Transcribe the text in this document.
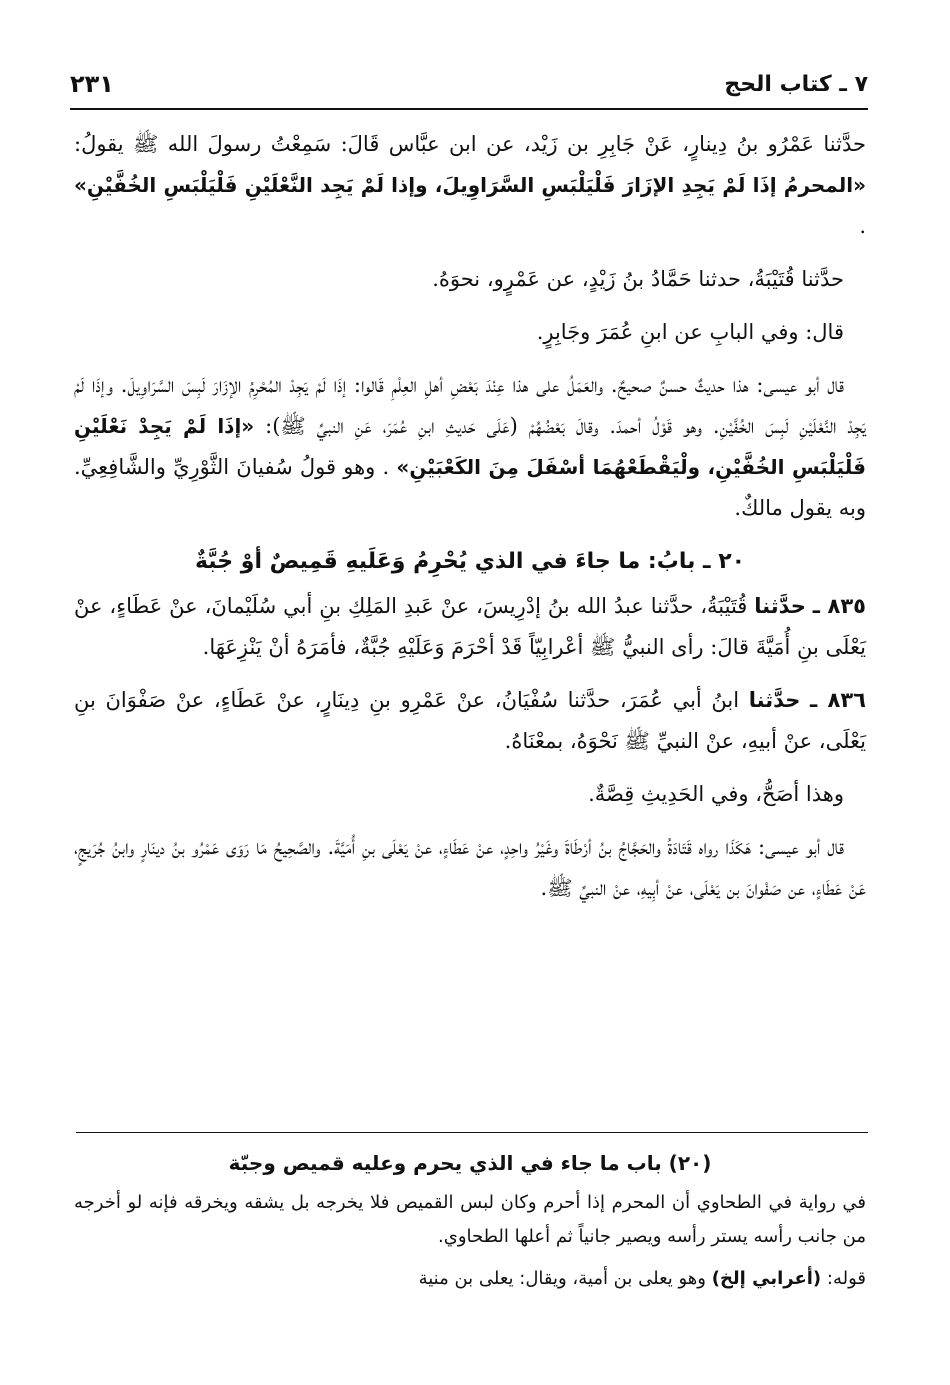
٧ ـ كتاب الحج
٢٣١

حدَّثنا عَمْرُو بنُ دِينارٍ، عَنْ جَابِرِ بن زَيْد، عن ابن عبَّاس قَالَ: سَمِعْتُ رسولَ الله ﷺ يقولُ: «المحرمُ إذَا لَمْ يَجِدِ الإزَارَ فَلْيَلْبَسِ السَّرَاوِيلَ، وإذا لَمْ يَجِد النَّعْلَيْنِ فَلْيَلْبَسِ الخُفَّيْنِ» .

حدَّثنا قُتَيْبَةُ، حدثنا حَمَّادُ بنُ زَيْدٍ، عن عَمْرٍو، نحوَهُ.

قال: وفي البابِ عن ابنِ عُمَرَ وجَابِرٍ.

قال أبو عيسى: هذا حديثٌ حسنٌ صحيحٌ. والعَمَلُ على هذا عِنْدَ بَعْضِ أهلِ العِلْمِ قَالوا: إذَا لَمْ يَجِدْ المُحْرِمُ الإزَارَ لَبِسَ السَّرَاوِيلَ. وإذَا لَمْ يَجِدْ النَّعْلَيْنِ لَبِسَ الخُفَّيْنِ. وهو قَوْلُ أحمدَ. وقالَ بَعْضُهُمْ (عَلَى حَديثِ ابنِ عُمَرَ، عَنِ النبيِّ ﷺ): «إذَا لَمْ يَجِدْ نَعْلَيْنِ فَلْيَلْبَسِ الخُفَّيْنِ، ولْيَقْطَعْهُمَا أسْفَلَ مِنَ الكَعْبَيْنِ» . وهو قولُ سُفيانَ الثَّوْرِيِّ والشَّافِعِيِّ. وبه يقول مالكٌ.

٢٠ ـ بابُ: ما جاءَ في الذي يُحْرِمُ وَعَلَيهِ قَمِيصٌ أوْ جُبَّةٌ

٨٣٥ ـ حدَّثنا قُتَيْبَةُ، حدَّثنا عبدُ الله بنُ إدْرِيسَ، عنْ عَبدِ المَلِكِ بنِ أبي سُلَيْمانَ، عنْ عَطَاءٍ، عنْ يَعْلَى بنِ أُمَيَّةَ قالَ: رأى النبيُّ ﷺ أعْرابِيّاً قَدْ أحْرَمَ وَعَلَيْهِ جُبَّةٌ، فأمَرَهُ أنْ يَنْزِعَهَا.

٨٣٦ ـ حدَّثنا ابنُ أبي عُمَرَ، حدَّثنا سُفْيَانُ، عنْ عَمْرِو بنِ دِينَارٍ، عنْ عَطَاءٍ، عنْ صَفْوَانَ بنِ يَعْلَى، عنْ أبيهِ، عنْ النبيِّ ﷺ نَحْوَهُ، بمعْنَاهُ.

وهذا أصَحُّ، وفي الحَدِيثِ قِصَّةٌ.

قال أبو عيسى: هَكَذَا رواه قَتَادَةُ والحَجَّاجُ بنُ أرْطَاةَ وغَيْرُ واحِدٍ، عنْ عَطَاءٍ، عنْ يَعْلَى بنِ أُمَيَّةَ. والصَّحِيحُ مَا رَوَى عَمْرُو بنُ دينَارٍ وابنُ جُرَيجٍ، عَنْ عَطَاءٍ، عن صَفْوانَ بن يَعْلَى، عنْ أبِيهِ، عنْ النبيِّ ﷺ.

(٢٠) باب ما جاء في الذي يحرم وعليه قميص وجبّة

في رواية في الطحاوي أن المحرم إذا أحرم وكان لبس القميص فلا يخرجه بل يشقه ويخرقه فإنه لو أخرجه من جانب رأسه يستر رأسه ويصير جانياً ثم أعلها الطحاوي.

قوله: (أعرابي إلخ) وهو يعلى بن أمية، ويقال: يعلى بن منية
